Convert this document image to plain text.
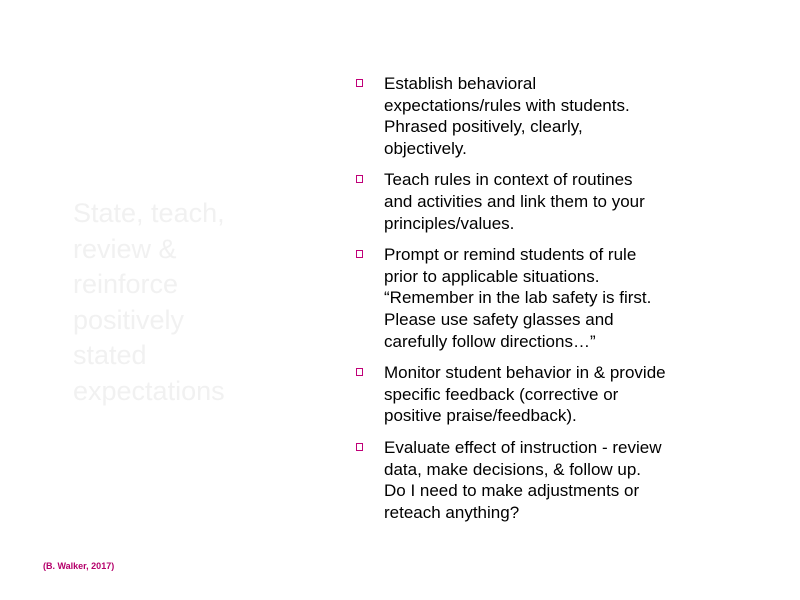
State, teach,
review &
reinforce
positively
stated
expectations
Establish behavioral
expectations/rules with students.
Phrased positively, clearly,
objectively.
Teach rules in context of routines
and activities and link them to your
principles/values.
Prompt or remind students of rule
prior to applicable situations.
“Remember in the lab safety is first.
Please use safety glasses and
carefully follow directions…”
Monitor student behavior in & provide
specific feedback (corrective or
positive praise/feedback).
Evaluate effect of instruction - review
data, make decisions, & follow up.
Do I need to make adjustments or
reteach anything?

(B. Walker, 2017)
